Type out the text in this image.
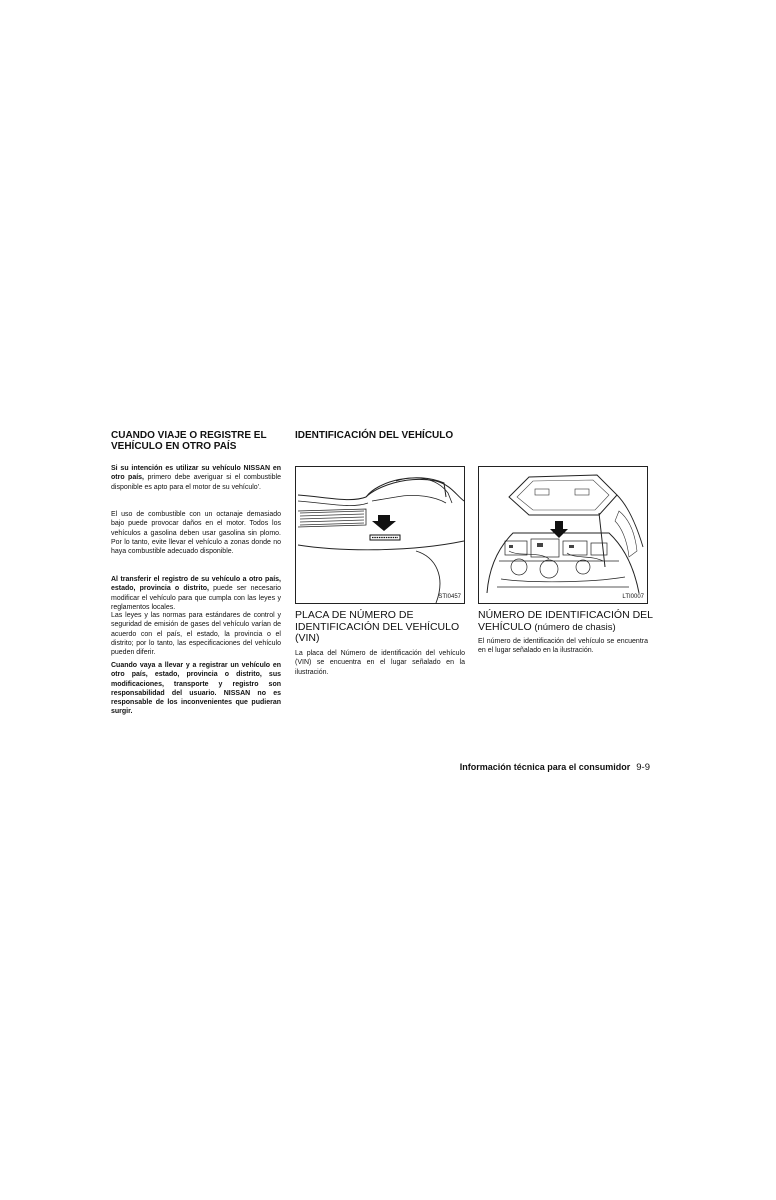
CUANDO VIAJE O REGISTRE EL
VEHÍCULO EN OTRO PAÍS

Si su intención es utilizar su vehículo NISSAN en otro país, primero debe averiguar si el combustible disponible es apto para el motor de su vehículo'.

El uso de combustible con un octanaje demasiado bajo puede provocar daños en el motor. Todos los vehículos a gasolina deben usar gasolina sin plomo. Por lo tanto, evite llevar el vehículo a zonas donde no haya combustible adecuado disponible.

Al transferir el registro de su vehículo a otro país, estado, provincia o distrito, puede ser necesario modificar el vehículo para que cumpla con las leyes y reglamentos locales.

Las leyes y las normas para estándares de control y seguridad de emisión de gases del vehículo varían de acuerdo con el país, el estado, la provincia o el distrito; por lo tanto, las especificaciones del vehículo pueden diferir.

Cuando vaya a llevar y a registrar un vehículo en otro país, estado, provincia o distrito, sus modificaciones, transporte y registro son responsabilidad del usuario. NISSAN no es responsable de los inconvenientes que pudieran surgir.

IDENTIFICACIÓN DEL VEHÍCULO
STI0457
PLACA DE NÚMERO DE IDENTIFICACIÓN DEL VEHÍCULO (VIN)

La placa del Número de identificación del vehículo (VIN) se encuentra en el lugar señalado en la ilustración.

LTI0007
NÚMERO DE IDENTIFICACIÓN DEL VEHÍCULO (número de chasis)

El número de identificación del vehículo se encuentra en el lugar señalado en la ilustración.

Información técnica para el consumidor 9-9
